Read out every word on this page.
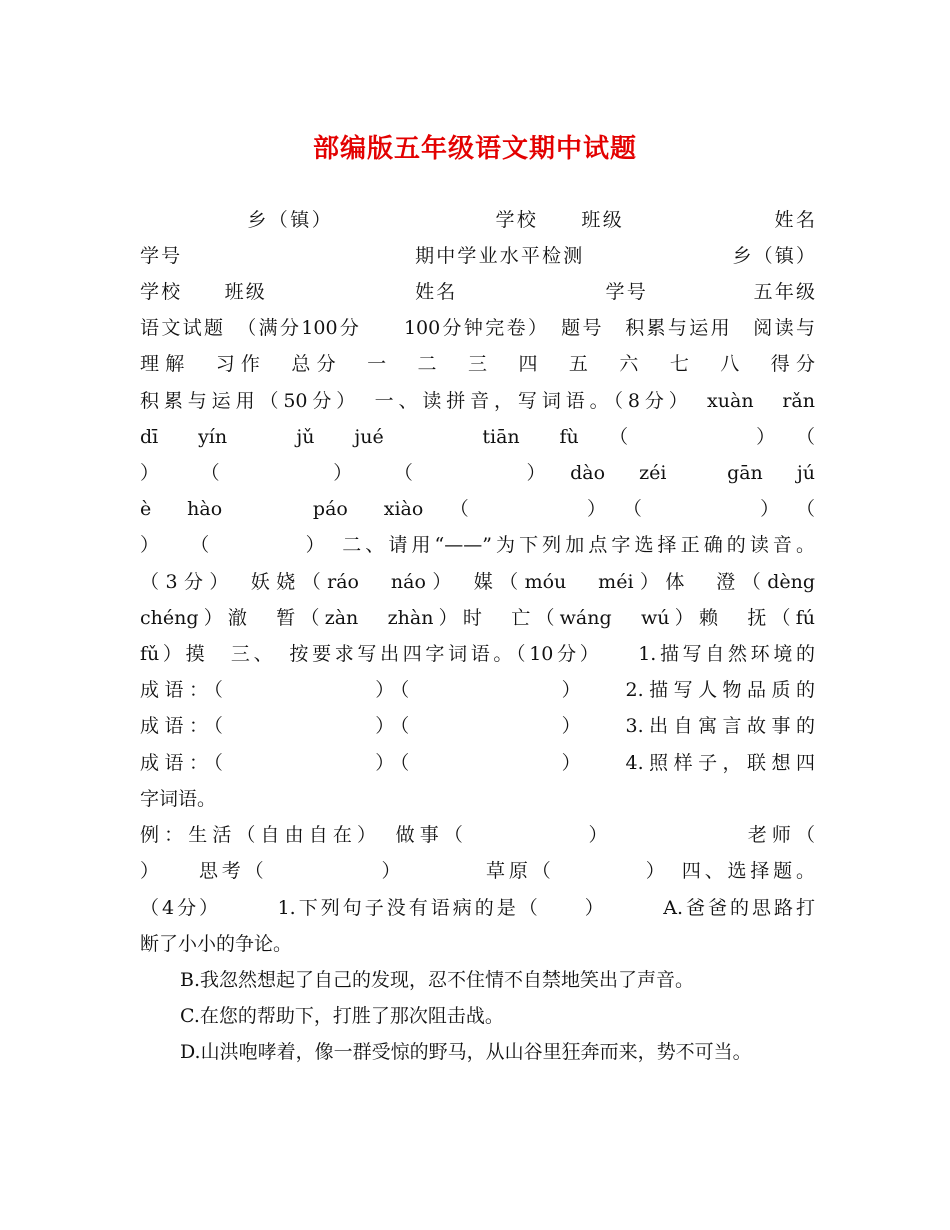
部编版五年级语文期中试题
　　　　　乡（镇）　　　　　　　　学校　　班级　　　　　　　姓名
学号　　　　　　　　　　　期中学业水平检测　　　　　　　乡（镇）
学校　　班级　　　　　　　姓名　　　　　　　学号　　　　　五年级
语文试题　（满分100分　　100分钟完卷）　题号　积累与运用　阅读与
理解　习作　总分　一　二　三　四　五　六　七　八　得分
积累与运用（50分）　一、读拼音，写词语。（8分）　xuàn　rǎn
dī　yín　　jǔ　jué　　　tiān　fù　（　　　　）　（
）　　（　　　　）　　（　　　　）　dào　zéi　　gān　jú
è　hào　　　páo　xiào　（　　　　）　（　　　　）　（
）　　（　　　　）　二、请用“——”为下列加点字选择正确的读音。
（3分）　妖娆（ráo　náo）　媒（móu　méi）体　澄（dèng
chéng）澈　暂（zàn　zhàn）时　亡（wáng　wú）赖　抚（fú
fǔ）摸　三、　按要求写出四字词语。（10分）　　1.描写自然环境的
成语：（　　　　　　）（　　　　　　）　　2.描写人物品质的
成语：（　　　　　　）（　　　　　　）　　3.出自寓言故事的
成语：（　　　　　　）（　　　　　　）　　4.照样子，联想四
字词语。
例：生活（自由自在）　做事（　　　　　）　　　　　　老师（
）　　思考（　　　　　）　　　　草原（　　　　）　四、选择题。
（4分）　　　1.下列句子没有语病的是（　　）　　　A.爸爸的思路打
断了小小的争论。
B.我忽然想起了自己的发现，忍不住情不自禁地笑出了声音。
C.在您的帮助下，打胜了那次阻击战。
D.山洪咆哮着，像一群受惊的野马，从山谷里狂奔而来，势不可当。
